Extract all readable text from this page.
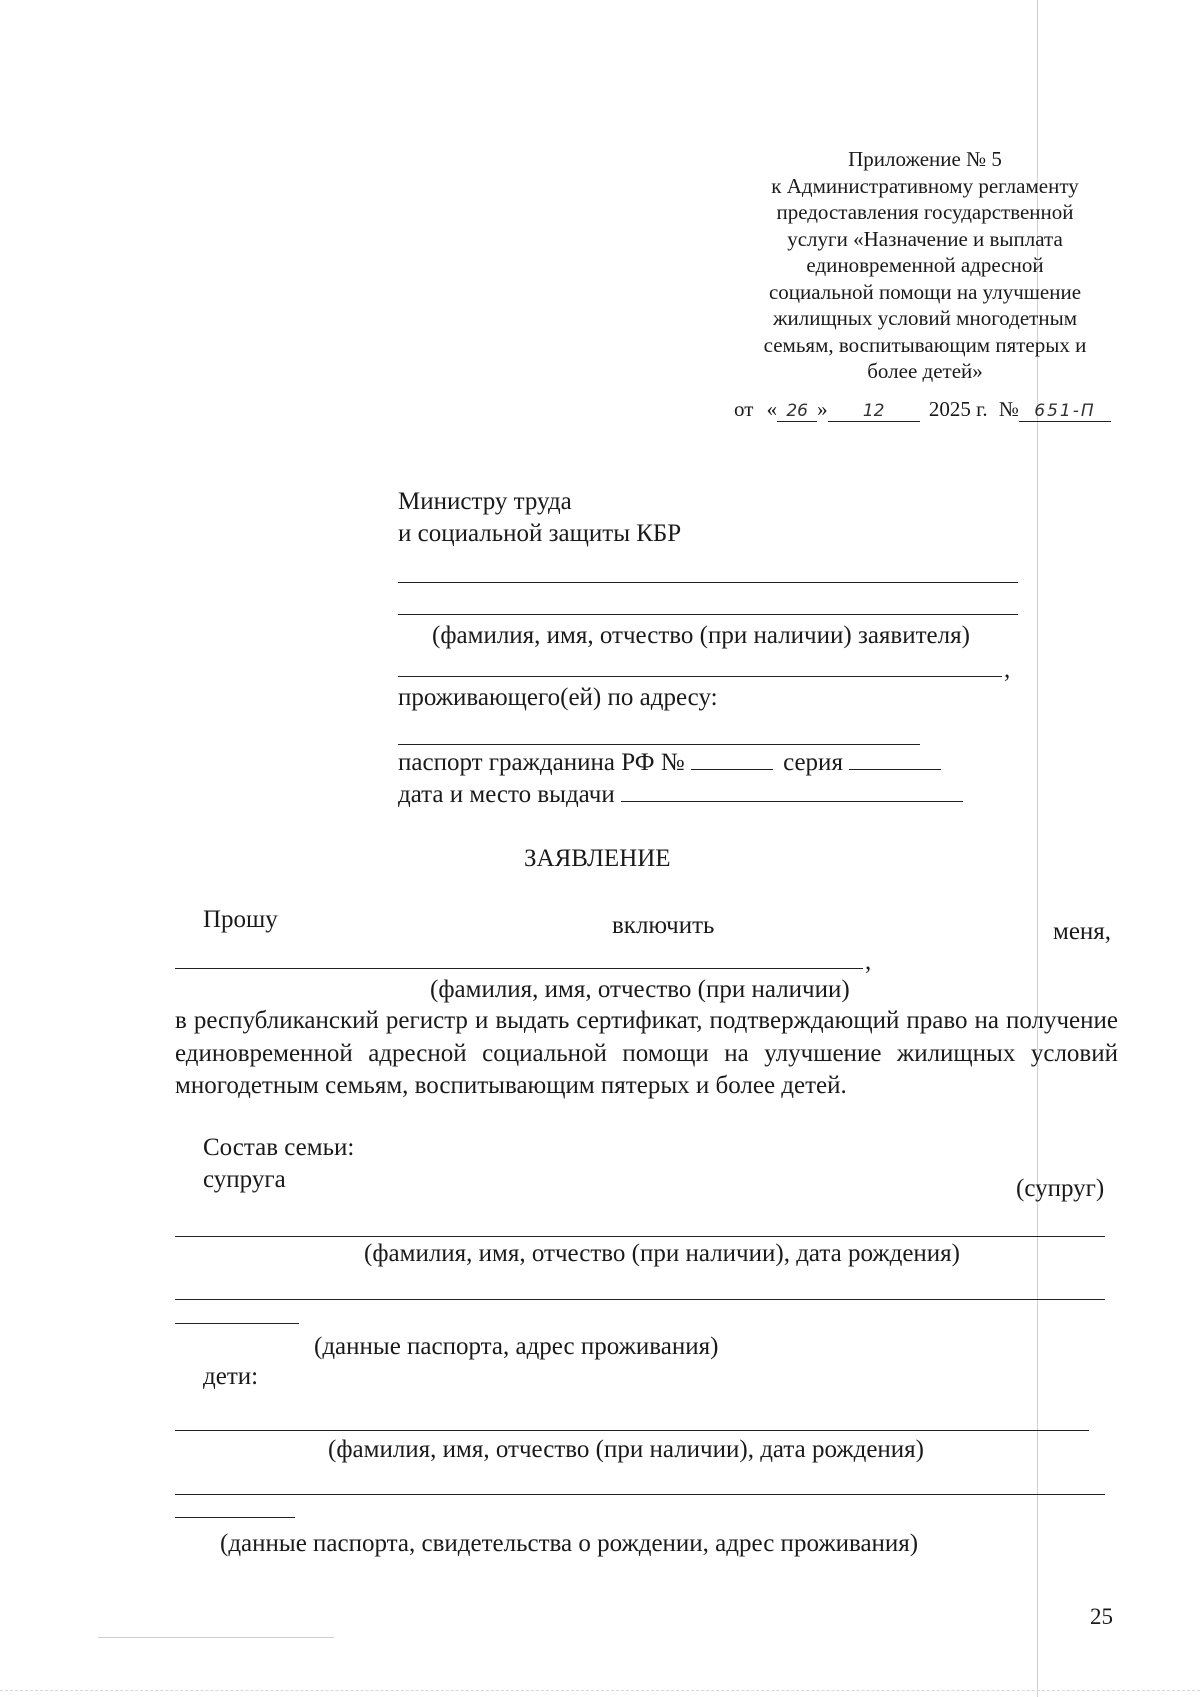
Приложение № 5
к Административному регламенту
предоставления государственной
услуги «Назначение и выплата
единовременной адресной
социальной помощи на улучшение
жилищных условий многодетным
семьям, воспитывающим пятерых и
более детей»
от « 26 » 12 2025 г. № 651-П
Министру труда
и социальной защиты КБР
(фамилия, имя, отчество (при наличии) заявителя)
,
проживающего(ей) по адресу:
паспорт гражданина РФ №	серия
дата и место выдачи
ЗАЯВЛЕНИЕ
Прошу	включить	меня,
,
(фамилия, имя, отчество (при наличии)
в республиканский регистр и выдать сертификат, подтверждающий право на получение единовременной адресной социальной помощи на улучшение жилищных условий многодетным семьям, воспитывающим пятерых и более детей.
Состав семьи:
супруга	(супруг)
(фамилия, имя, отчество (при наличии), дата рождения)
(данные паспорта, адрес проживания)
дети:
(фамилия, имя, отчество (при наличии), дата рождения)
(данные паспорта, свидетельства о рождении, адрес проживания)
25
